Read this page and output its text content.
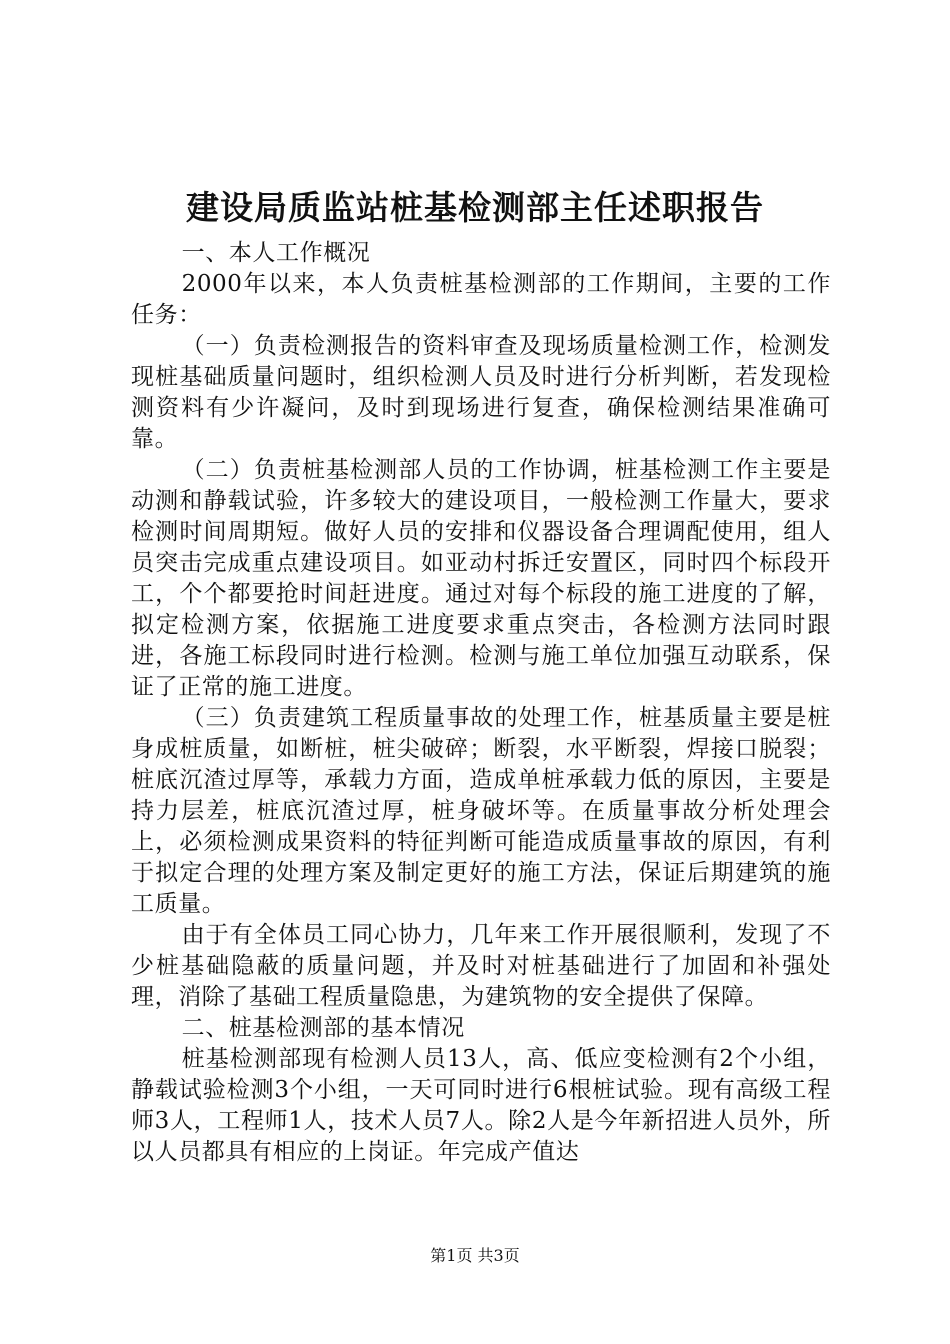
建设局质监站桩基检测部主任述职报告

一、本人工作概况

2000年以来，本人负责桩基检测部的工作期间，主要的工作任务：

（一）负责检测报告的资料审查及现场质量检测工作，检测发现桩基础质量问题时，组织检测人员及时进行分析判断，若发现检测资料有少许凝问，及时到现场进行复查，确保检测结果准确可靠。

（二）负责桩基检测部人员的工作协调，桩基检测工作主要是动测和静载试验，许多较大的建设项目，一般检测工作量大，要求检测时间周期短。做好人员的安排和仪器设备合理调配使用，组人员突击完成重点建设项目。如亚动村拆迁安置区，同时四个标段开工，个个都要抢时间赶进度。通过对每个标段的施工进度的了解，拟定检测方案，依据施工进度要求重点突击，各检测方法同时跟进，各施工标段同时进行检测。检测与施工单位加强互动联系，保证了正常的施工进度。

（三）负责建筑工程质量事故的处理工作，桩基质量主要是桩身成桩质量，如断桩，桩尖破碎；断裂，水平断裂，焊接口脱裂；桩底沉渣过厚等，承载力方面，造成单桩承载力低的原因，主要是持力层差，桩底沉渣过厚，桩身破坏等。在质量事故分析处理会上，必须检测成果资料的特征判断可能造成质量事故的原因，有利于拟定合理的处理方案及制定更好的施工方法，保证后期建筑的施工质量。

由于有全体员工同心协力，几年来工作开展很顺利，发现了不少桩基础隐蔽的质量问题，并及时对桩基础进行了加固和补强处理，消除了基础工程质量隐患，为建筑物的安全提供了保障。

二、桩基检测部的基本情况

桩基检测部现有检测人员13人，高、低应变检测有2个小组，静载试验检测3个小组，一天可同时进行6根桩试验。现有高级工程师3人，工程师1人，技术人员7人。除2人是今年新招进人员外，所以人员都具有相应的上岗证。年完成产值达

第1页 共3页
